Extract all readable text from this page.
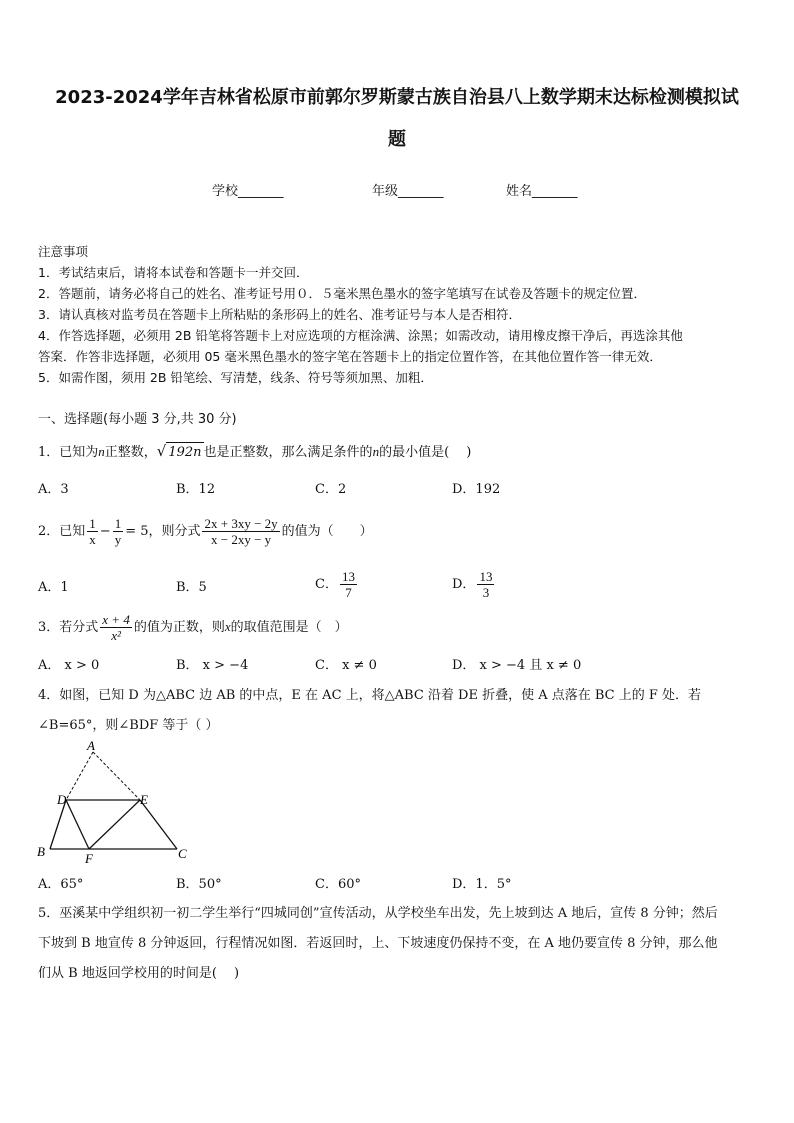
2023-2024学年吉林省松原市前郭尔罗斯蒙古族自治县八上数学期末达标检测模拟试
题
学校_______	年级_______	姓名_______
注意事项
1．考试结束后，请将本试卷和答题卡一并交回．
2．答题前，请务必将自己的姓名、准考证号用０．５毫米黑色墨水的签字笔填写在试卷及答题卡的规定位置．
3．请认真核对监考员在答题卡上所粘贴的条形码上的姓名、准考证号与本人是否相符．
4．作答选择题，必须用 2B 铅笔将答题卡上对应选项的方框涂满、涂黑；如需改动，请用橡皮擦干净后，再选涂其他
答案．作答非选择题，必须用 05 毫米黑色墨水的签字笔在答题卡上的指定位置作答，在其他位置作答一律无效．
5．如需作图，须用 2B 铅笔绘、写清楚，线条、符号等须加黑、加粗．
一、选择题(每小题 3 分,共 30 分)
1．已知为n正整数，√ 192n 也是正整数，那么满足条件的n的最小值是(　 )
A．3	B．12	C．2	D．192
2．已知 $\frac{1}{x} - \frac{1}{y} = 5$，则分式 $\frac{2x + 3xy - 2y}{x - 2xy - y}$ 的值为（　　）
A．1	B．5	C． $\frac{13}{7}$	D． $\frac{13}{3}$
3．若分式 $\frac{x + 4}{\text{x²}}$ 的值为正数，则x的取值范围是（　）
A． x > 0	B． x > −4	C． x ≠ 0	D． x > −4 且 x ≠ 0
4．如图，已知 D 为△ABC 边 AB 的中点，E 在 AC 上，将△ABC 沿着 DE 折叠，使 A 点落在 BC 上的 F 处．若
∠B=65°，则∠BDF 等于（ ）
A
D	E
B	F	C
A．65°	B．50°	C．60°	D．1．5°
5．巫溪某中学组织初一初二学生举行“四城同创”宣传活动，从学校坐车出发，先上坡到达 A 地后，宣传 8 分钟；然后
下坡到 B 地宣传 8 分钟返回，行程情况如图．若返回时，上、下坡速度仍保持不变，在 A 地仍要宣传 8 分钟，那么他
们从 B 地返回学校用的时间是(　 )
